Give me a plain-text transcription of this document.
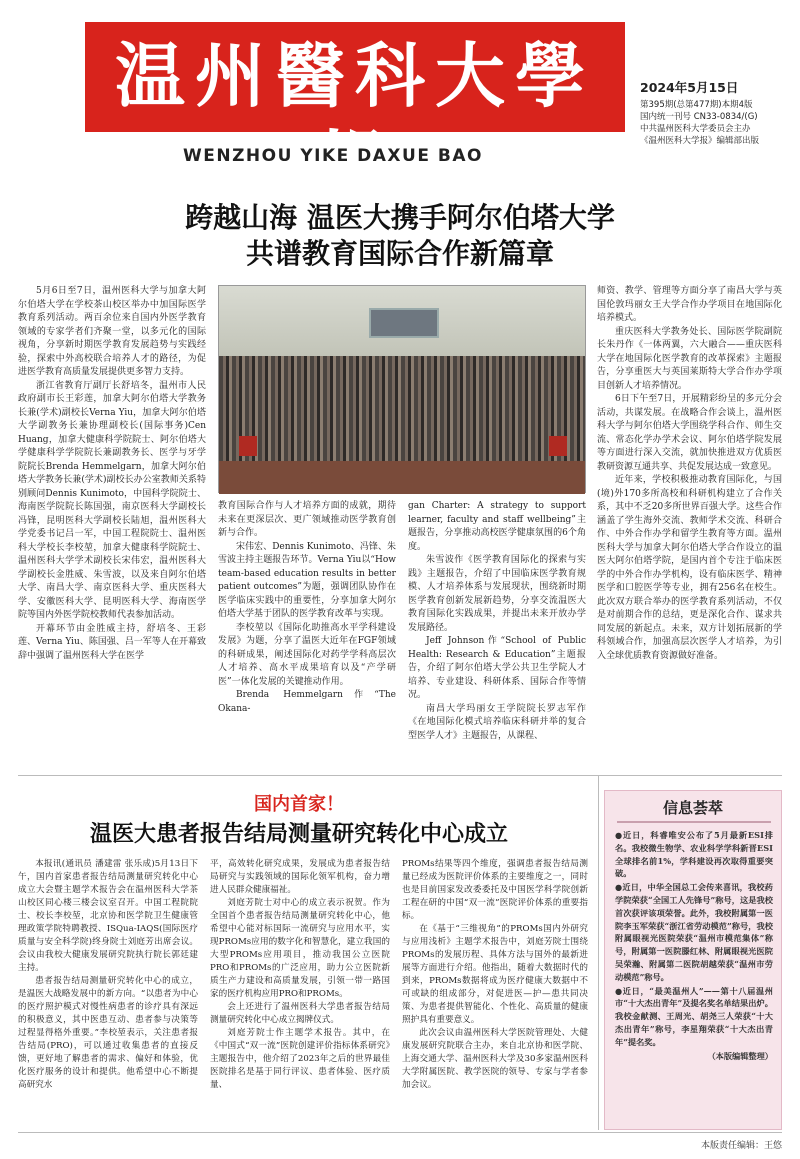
温州醫科大學報
WENZHOU YIKE DAXUE BAO
2024年5月15日
第395期(总第477期)本期4版
国内统一刊号 CN33-0834/(G)
中共温州医科大学委员会主办
《温州医科大学报》编辑部出版
跨越山海 温医大携手阿尔伯塔大学
共谱教育国际合作新篇章

5月6日至7日，温州医科大学与加拿大阿尔伯塔大学在学校茶山校区举办中加国际医学教育系列活动。两百余位来自国内外医学教育领域的专家学者们齐聚一堂，以多元化的国际视角，分享新时期医学教育发展趋势与实践经验，探索中外高校联合培养人才的路径，为促进医学教育高质量发展提供更多智力支持。

浙江省教育厅副厅长舒培冬，温州市人民政府副市长王彩莲，加拿大阿尔伯塔大学教务长兼(学术)副校长Verna Yiu，加拿大阿尔伯塔大学副教务长兼协理副校长(国际事务)Cen Huang，加拿大健康科学院院士、阿尔伯塔大学健康科学学院院长兼副教务长、医学与牙学院院长Brenda Hemmelgarn，加拿大阿尔伯塔大学教务长兼(学术)副校长办公室教师关系特别顾问Dennis Kunimoto，中国科学院院士、海南医学院院长陈国强，南京医科大学副校长冯锋，昆明医科大学副校长陆旭，温州医科大学党委书记吕一军，中国工程院院士、温州医科大学校长李校堃，加拿大健康科学院院士、温州医科大学学术副校长宋伟宏，温州医科大学副校长金胜威、朱雪波，以及来自阿尔伯塔大学、南昌大学、南京医科大学、重庆医科大学、安徽医科大学、昆明医科大学、海南医学院等国内外医学院校教师代表参加活动。

开幕环节由金胜威主持，舒培冬、王彩莲、Verna Yiu、陈国强、吕一军等人在开幕致辞中强调了温州医科大学在医学

教育国际合作与人才培养方面的成就，期待未来在更深层次、更广领域推动医学教育创新与合作。

宋伟宏、Dennis Kunimoto、冯锋、朱雪波主持主题报告环节。Verna Yiu以“How team-based education results in better patient outcomes”为题，强调团队协作在医学临床实践中的重要性，分享加拿大阿尔伯塔大学基于团队的医学教育改革与实现。

李校堃以《国际化助推高水平学科建设发展》为题，分享了温医大近年在FGF领域的科研成果，阐述国际化对药学学科高层次人才培养、高水平成果培育以及“产学研医”一体化发展的关键推动作用。

Brenda Hemmelgarn作“The Okana-

gan Charter: A strategy to support learner, faculty and staff wellbeing”主题报告，分享推动高校医学健康氛围的6个角度。

朱雪波作《医学教育国际化的探索与实践》主题报告，介绍了中国临床医学教育规模、人才培养体系与发展现状，围绕新时期医学教育创新发展新趋势，分享交流温医大教育国际化实践成果，并提出未来开放办学发展路径。

Jeff Johnson作“School of Public Health: Research & Education”主题报告，介绍了阿尔伯塔大学公共卫生学院人才培养、专业建设、科研体系、国际合作等情况。

南昌大学玛丽女王学院院长罗志军作《在地国际化模式培养临床科研并举的复合型医学人才》主题报告，从课程、

师资、教学、管理等方面分享了南昌大学与英国伦敦玛丽女王大学合作办学项目在地国际化培养模式。

重庆医科大学教务处长、国际医学院副院长朱丹作《一体两翼，六大融合——重庆医科大学在地国际化医学教育的改革探索》主题报告，分享重医大与英国莱斯特大学合作办学项目创新人才培养情况。

6日下午至7日，开展精彩纷呈的多元分会活动，共谋发展。在战略合作会谈上，温州医科大学与阿尔伯塔大学围绕学科合作、师生交流、常态化学办学术会议、阿尔伯塔学院发展等方面进行深入交流，就加快推进双方优质医教研资源互通共享、共促发展达成一致意见。

近年来，学校积极推动教育国际化，与国(境)外170多所高校和科研机构建立了合作关系，其中不乏20多所世界百强大学。这些合作涵盖了学生海外交流、教师学术交流、科研合作、中外合作办学和留学生教育等方面。温州医科大学与加拿大阿尔伯塔大学合作设立的温医大阿尔伯塔学院，是国内首个专注于临床医学的中外合作办学机构，设有临床医学、精神医学和口腔医学等专业，拥有256名在校生。此次双方联合举办的医学教育系列活动，不仅是对前期合作的总结，更是深化合作、谋求共同发展的新起点。未来，双方计划拓展新的学科领域合作，加强高层次医学人才培养，为引入全球优质教育资源做好准备。

国内首家！
温医大患者报告结局测量研究转化中心成立

本报讯(通讯员 潘建雷 张乐成)5月13日下午，国内首家患者报告结局测量研究转化中心成立大会暨主题学术报告会在温州医科大学茶山校区同心楼三楼会议室召开。中国工程院院士、校长李校堃，北京协和医学院卫生健康管理政策学院特聘教授、ISQua-IAQS(国际医疗质量与安全科学院)终身院士刘庭芳出席会议。会议由我校大健康发展研究院执行院长郭廷建主持。

患者报告结局测量研究转化中心的成立，是温医大战略发展中的新方向。“以患者为中心的医疗照护模式对慢性病患者的诊疗具有深远的积极意义，其中医患互动、患者参与决策等过程显得格外重要。”李校堃表示，关注患者报告结局(PRO)，可以通过收集患者的直接反馈，更好地了解患者的需求、偏好和体验，优化医疗服务的设计和提供。他希望中心不断提高研究水

平，高效转化研究成果，发展成为患者报告结局研究与实践领域的国际化领军机构，奋力增进人民群众健康福祉。

刘庭芳院士对中心的成立表示祝贺。作为全国首个患者报告结局测量研究转化中心，他希望中心能对标国际一流研究与应用水平，实现PROMs应用的数字化和智慧化，建立我国的大型PROMs应用项目，推动我国公立医院PRO和PROMs的广泛应用，助力公立医院新质生产力建设和高质量发展，引领一带一路国家的医疗机构应用PRO和PROMs。

会上还进行了温州医科大学患者报告结局测量研究转化中心成立揭牌仪式。

刘庭芳院士作主题学术报告。其中，在《中国式“双一流”医院创建评价指标体系研究》主题报告中，他介绍了2023年之后的世界最佳医院排名是基于同行评议、患者体验、医疗质量、

PROMs结果等四个维度，强调患者报告结局测量已经成为医院评价体系的主要维度之一，同时也是目前国家发改委委托及中国医学科学院创新工程在研的中国“双一流”医院评价体系的重要指标。

在《基于“三维视角”的PROMs国内外研究与应用浅析》主题学术报告中，刘庭芳院士围绕PROMs的发展历程、具体方法与国外的最新进展等方面进行介绍。他指出，随着大数据时代的到来，PROMs数据将成为医疗健康大数据中不可或缺的组成部分，对促进医—护—患共同决策、为患者提供智能化、个性化、高质量的健康照护具有重要意义。

此次会议由温州医科大学医院管理处、大健康发展研究院联合主办，来自北京协和医学院、上海交通大学、温州医科大学及30多家温州医科大学附属医院、教学医院的领导、专家与学者参加会议。

信息荟萃

●近日，科睿唯安公布了5月最新ESI排名。我校微生物学、农业科学学科新晋ESI全球排名前1%，学科建设再次取得重要突破。

●近日，中华全国总工会传来喜讯，我校药学院荣获“全国工人先锋号”称号，这是我校首次获评该项荣誉。此外，我校附属第一医院李玉军荣获“浙江省劳动模范”称号，我校附属眼视光医院荣获“温州市模范集体”称号，附属第一医院滕红林、附属眼视光医院吴荣瀚、附属第二医院胡越荣获“温州市劳动模范”称号。

●近日，“最美温州人”——第十八届温州市“十大杰出青年”及提名奖名单结果出炉。我校金献测、王周光、胡尧三人荣获“十大杰出青年”称号，李星翔荣获“十大杰出青年”提名奖。

（本版编辑整理）

本版责任编辑：王悠
